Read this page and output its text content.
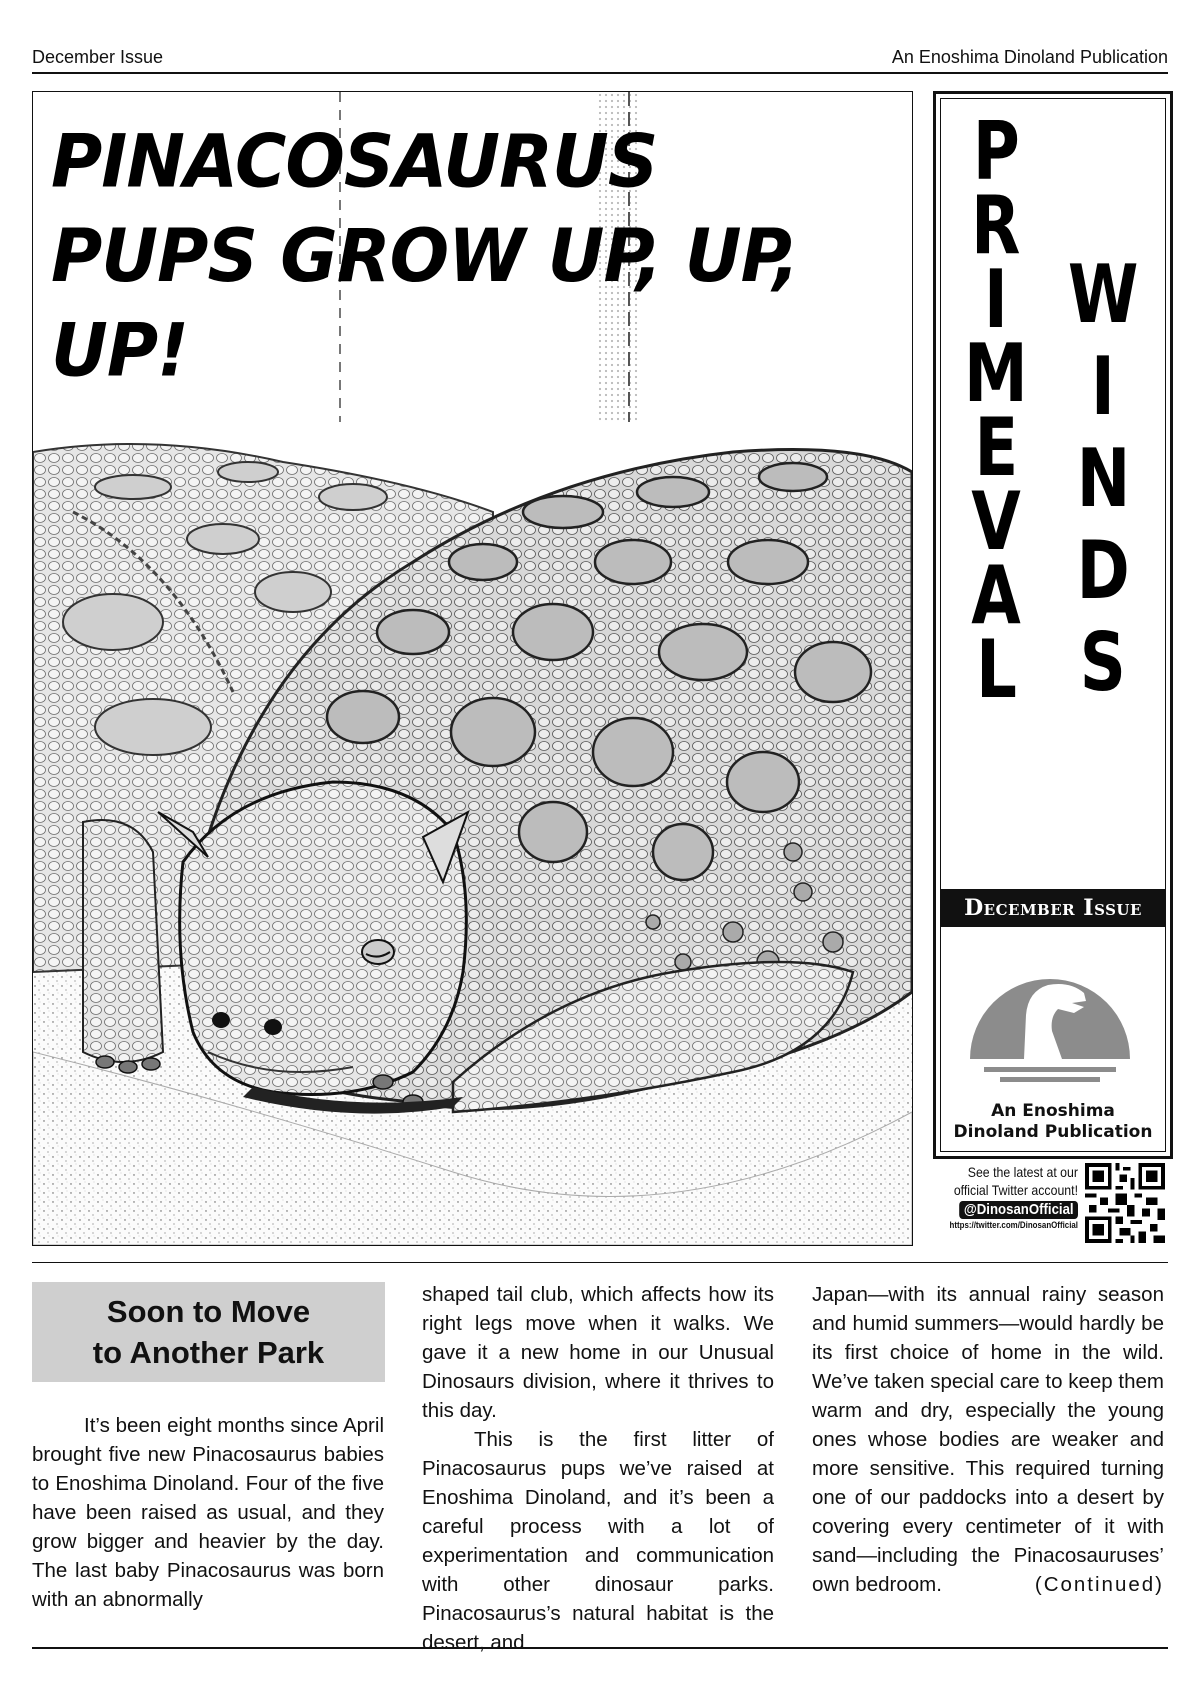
December Issue	An Enoshima Dinoland Publication
PINACOSAURUS
PUPS GROW UP, UP, UP!
P
R
I
M
E
V
A
L
W
I
N
D
S
December Issue
An Enoshima
Dinoland Publication
See the latest at our
official Twitter account!
@DinosanOfficial
https://twitter.com/DinosanOfficial
Soon to Move
to Another Park

It’s been eight months since April brought five new Pinacosaurus babies to Enoshima Dinoland. Four of the five have been raised as usual, and they grow bigger and heavier by the day. The last baby Pinacosaurus was born with an abnormally

shaped tail club, which affects how its right legs move when it walks. We gave it a new home in our Unusual Dinosaurs division, where it thrives to this day.

This is the first litter of Pinacosaurus pups we’ve raised at Enoshima Dinoland, and it’s been a careful process with a lot of experimentation and communication with other dinosaur parks. Pinacosaurus’s natural habitat is the desert, and

Japan—with its annual rainy season and humid summers—would hardly be its first choice of home in the wild. We’ve taken special care to keep them warm and dry, especially the young ones whose bodies are weaker and more sensitive. This required turning one of our paddocks into a desert by covering every centimeter of it with sand—including the Pinacosauruses’ own bedroom.	(Continued)
